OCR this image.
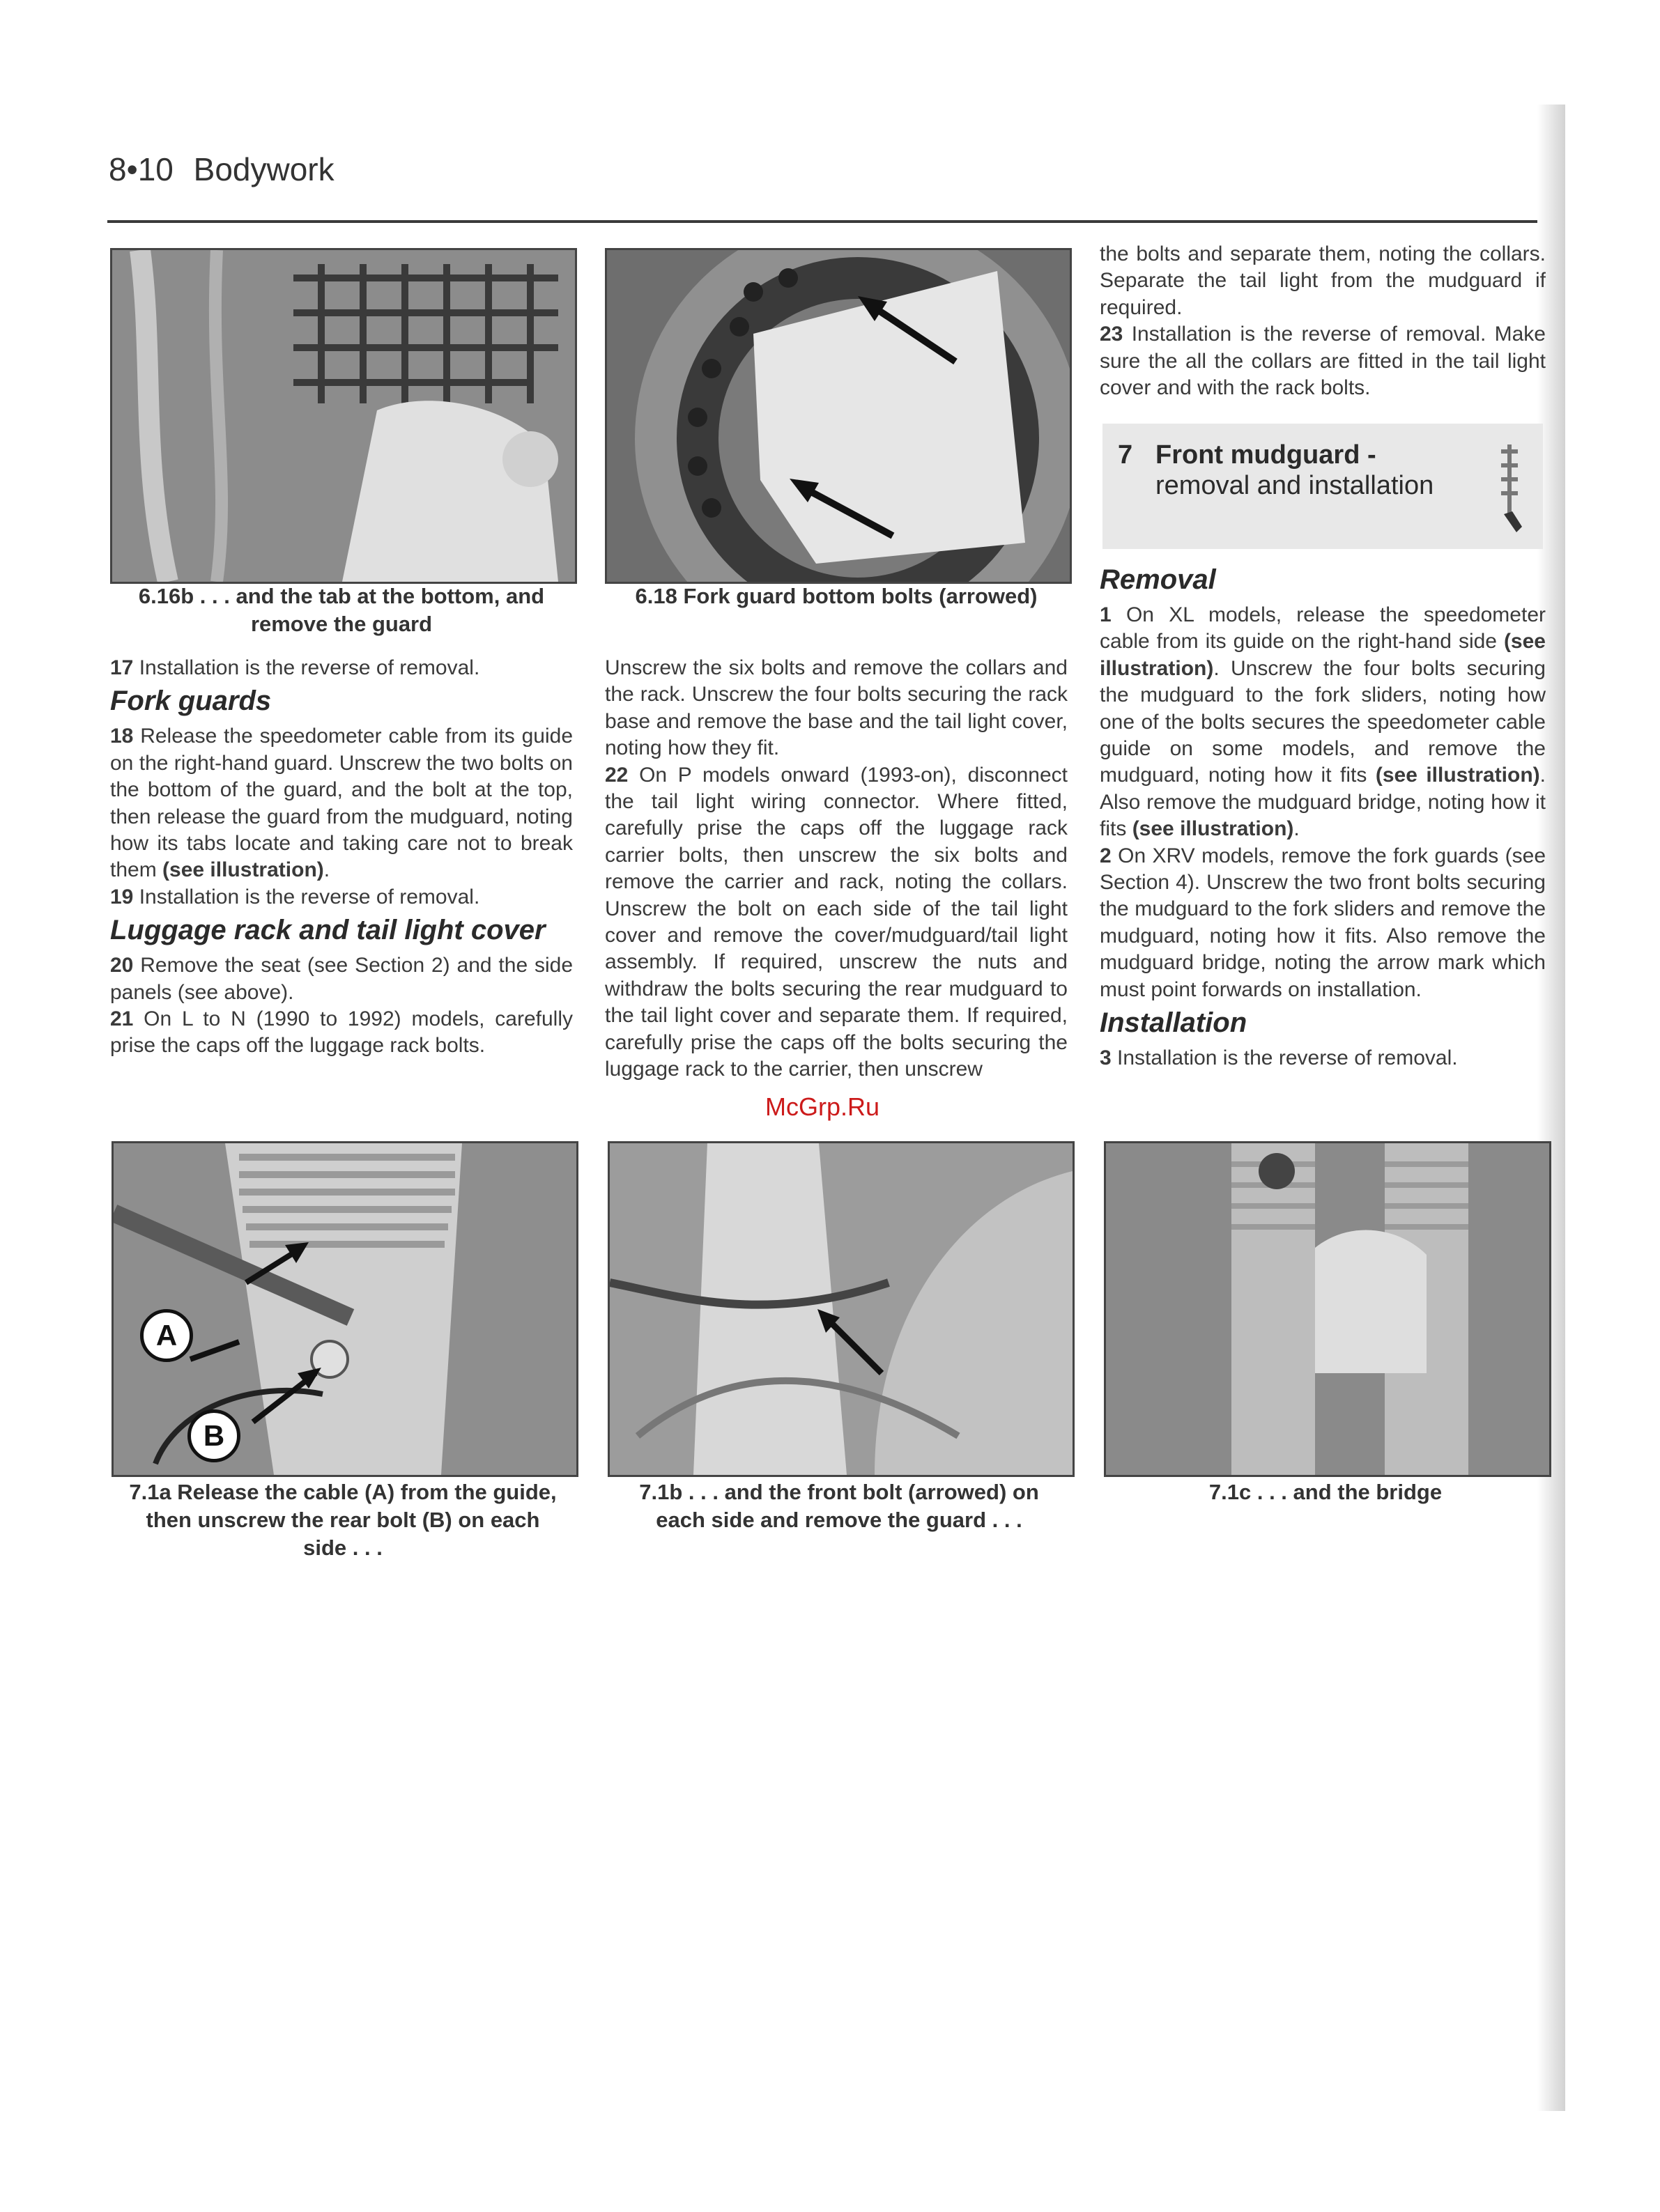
8•10 Bodywork
6.16b . . . and the tab at the bottom, and
remove the guard
6.18 Fork guard bottom bolts (arrowed)

17 Installation is the reverse of removal.

Fork guards

18 Release the speedometer cable from its guide on the right-hand guard. Unscrew the two bolts on the bottom of the guard, and the bolt at the top, then release the guard from the mudguard, noting how its tabs locate and taking care not to break them (see illustration).

19 Installation is the reverse of removal.

Luggage rack and tail light cover

20 Remove the seat (see Section 2) and the side panels (see above).

21 On L to N (1990 to 1992) models, carefully prise the caps off the luggage rack bolts.

Unscrew the six bolts and remove the collars and the rack. Unscrew the four bolts securing the rack base and remove the base and the tail light cover, noting how they fit.

22 On P models onward (1993-on), disconnect the tail light wiring connector. Where fitted, carefully prise the caps off the luggage rack carrier bolts, then unscrew the six bolts and remove the carrier and rack, noting the collars. Unscrew the bolt on each side of the tail light cover and remove the cover/mudguard/tail light assembly. If required, unscrew the nuts and withdraw the bolts securing the rear mudguard to the tail light cover and separate them. If required, carefully prise the caps off the bolts securing the luggage rack to the carrier, then unscrew

the bolts and separate them, noting the collars. Separate the tail light from the mudguard if required.

23 Installation is the reverse of removal. Make sure the all the collars are fitted in the tail light cover and with the rack bolts.

7 Front mudguard -
removal and installation

Removal

1 On XL models, release the speedometer cable from its guide on the right-hand side (see illustration). Unscrew the four bolts securing the mudguard to the fork sliders, noting how one of the bolts secures the speedometer cable guide on some models, and remove the mudguard, noting how it fits (see illustration). Also remove the mudguard bridge, noting how it fits (see illustration).

2 On XRV models, remove the fork guards (see Section 4). Unscrew the two front bolts securing the mudguard to the fork sliders and remove the mudguard, noting how it fits. Also remove the mudguard bridge, noting the arrow mark which must point forwards on installation.

Installation

3 Installation is the reverse of removal.

McGrp.Ru
A
B
7.1a Release the cable (A) from the guide,
then unscrew the rear bolt (B) on each
side . . .
7.1b . . . and the front bolt (arrowed) on
each side and remove the guard . . .
7.1c . . . and the bridge
